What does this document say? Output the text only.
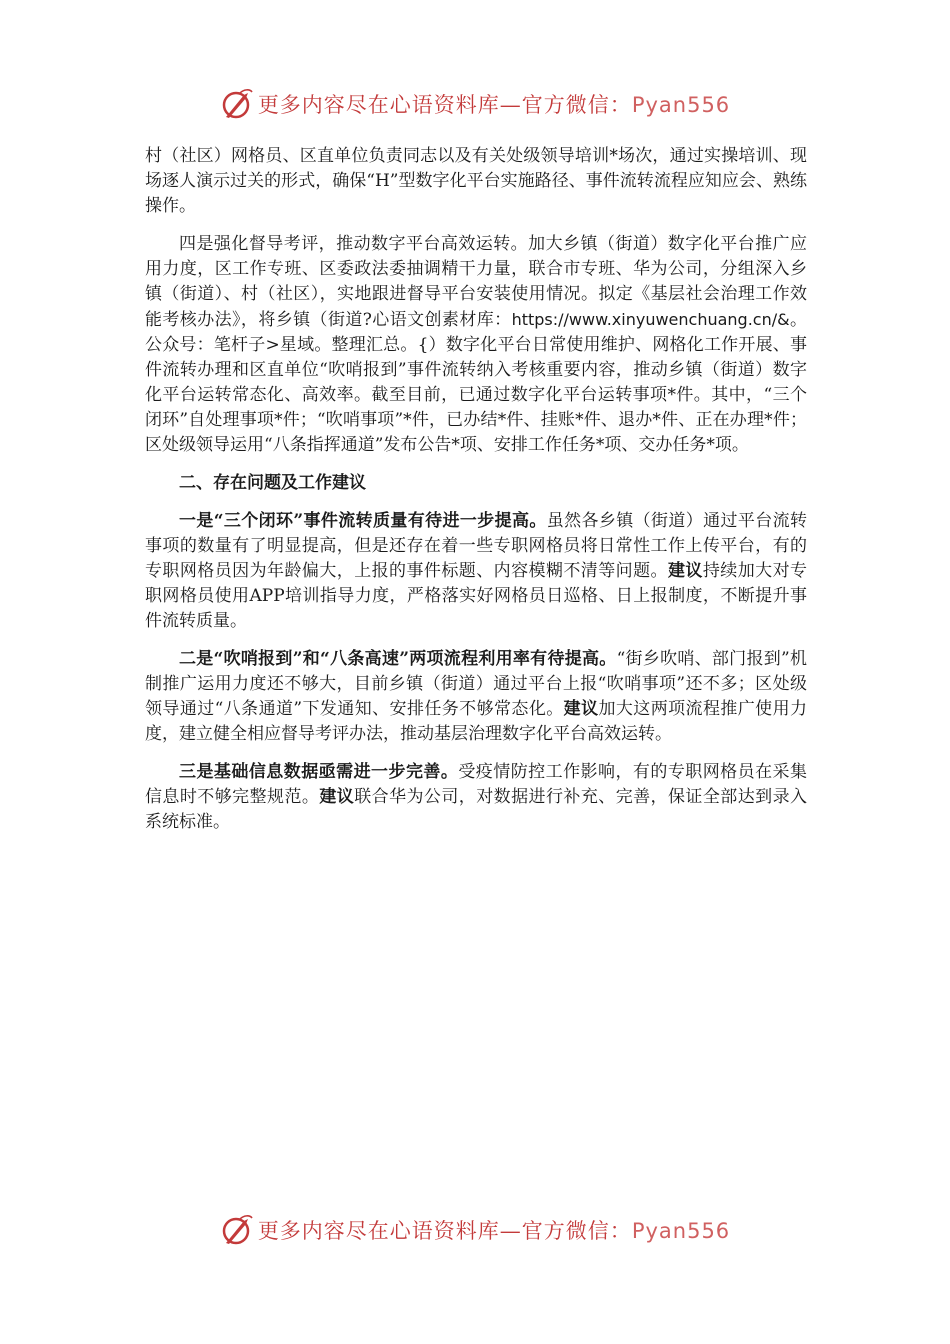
更多内容尽在心语资料库—官方微信：Pyan556

村（社区）网格员、区直单位负责同志以及有关处级领导培训*场次，通过实操培训、现场逐人演示过关的形式，确保“H”型数字化平台实施路径、事件流转流程应知应会、熟练操作。

四是强化督导考评，推动数字平台高效运转。加大乡镇（街道）数字化平台推广应用力度，区工作专班、区委政法委抽调精干力量，联合市专班、华为公司，分组深入乡镇（街道）、村（社区），实地跟进督导平台安装使用情况。拟定《基层社会治理工作效能考核办法》，将乡镇（街道?心语文创素材库：https://www.xinyuwenchuang.cn/&。公众号：笔杆子>星域。整理汇总。{）数字化平台日常使用维护、网格化工作开展、事件流转办理和区直单位“吹哨报到”事件流转纳入考核重要内容，推动乡镇（街道）数字化平台运转常态化、高效率。截至目前，已通过数字化平台运转事项*件。其中，“三个闭环”自处理事项*件；“吹哨事项”*件，已办结*件、挂账*件、退办*件、正在办理*件；区处级领导运用“八条指挥通道”发布公告*项、安排工作任务*项、交办任务*项。

二、存在问题及工作建议

一是“三个闭环”事件流转质量有待进一步提高。虽然各乡镇（街道）通过平台流转事项的数量有了明显提高，但是还存在着一些专职网格员将日常性工作上传平台，有的专职网格员因为年龄偏大，上报的事件标题、内容模糊不清等问题。建议持续加大对专职网格员使用APP培训指导力度，严格落实好网格员日巡格、日上报制度，不断提升事件流转质量。

二是“吹哨报到”和“八条高速”两项流程利用率有待提高。“街乡吹哨、部门报到”机制推广运用力度还不够大，目前乡镇（街道）通过平台上报“吹哨事项”还不多；区处级领导通过“八条通道”下发通知、安排任务不够常态化。建议加大这两项流程推广使用力度，建立健全相应督导考评办法，推动基层治理数字化平台高效运转。

三是基础信息数据亟需进一步完善。受疫情防控工作影响，有的专职网格员在采集信息时不够完整规范。建议联合华为公司，对数据进行补充、完善，保证全部达到录入系统标准。

更多内容尽在心语资料库—官方微信：Pyan556
